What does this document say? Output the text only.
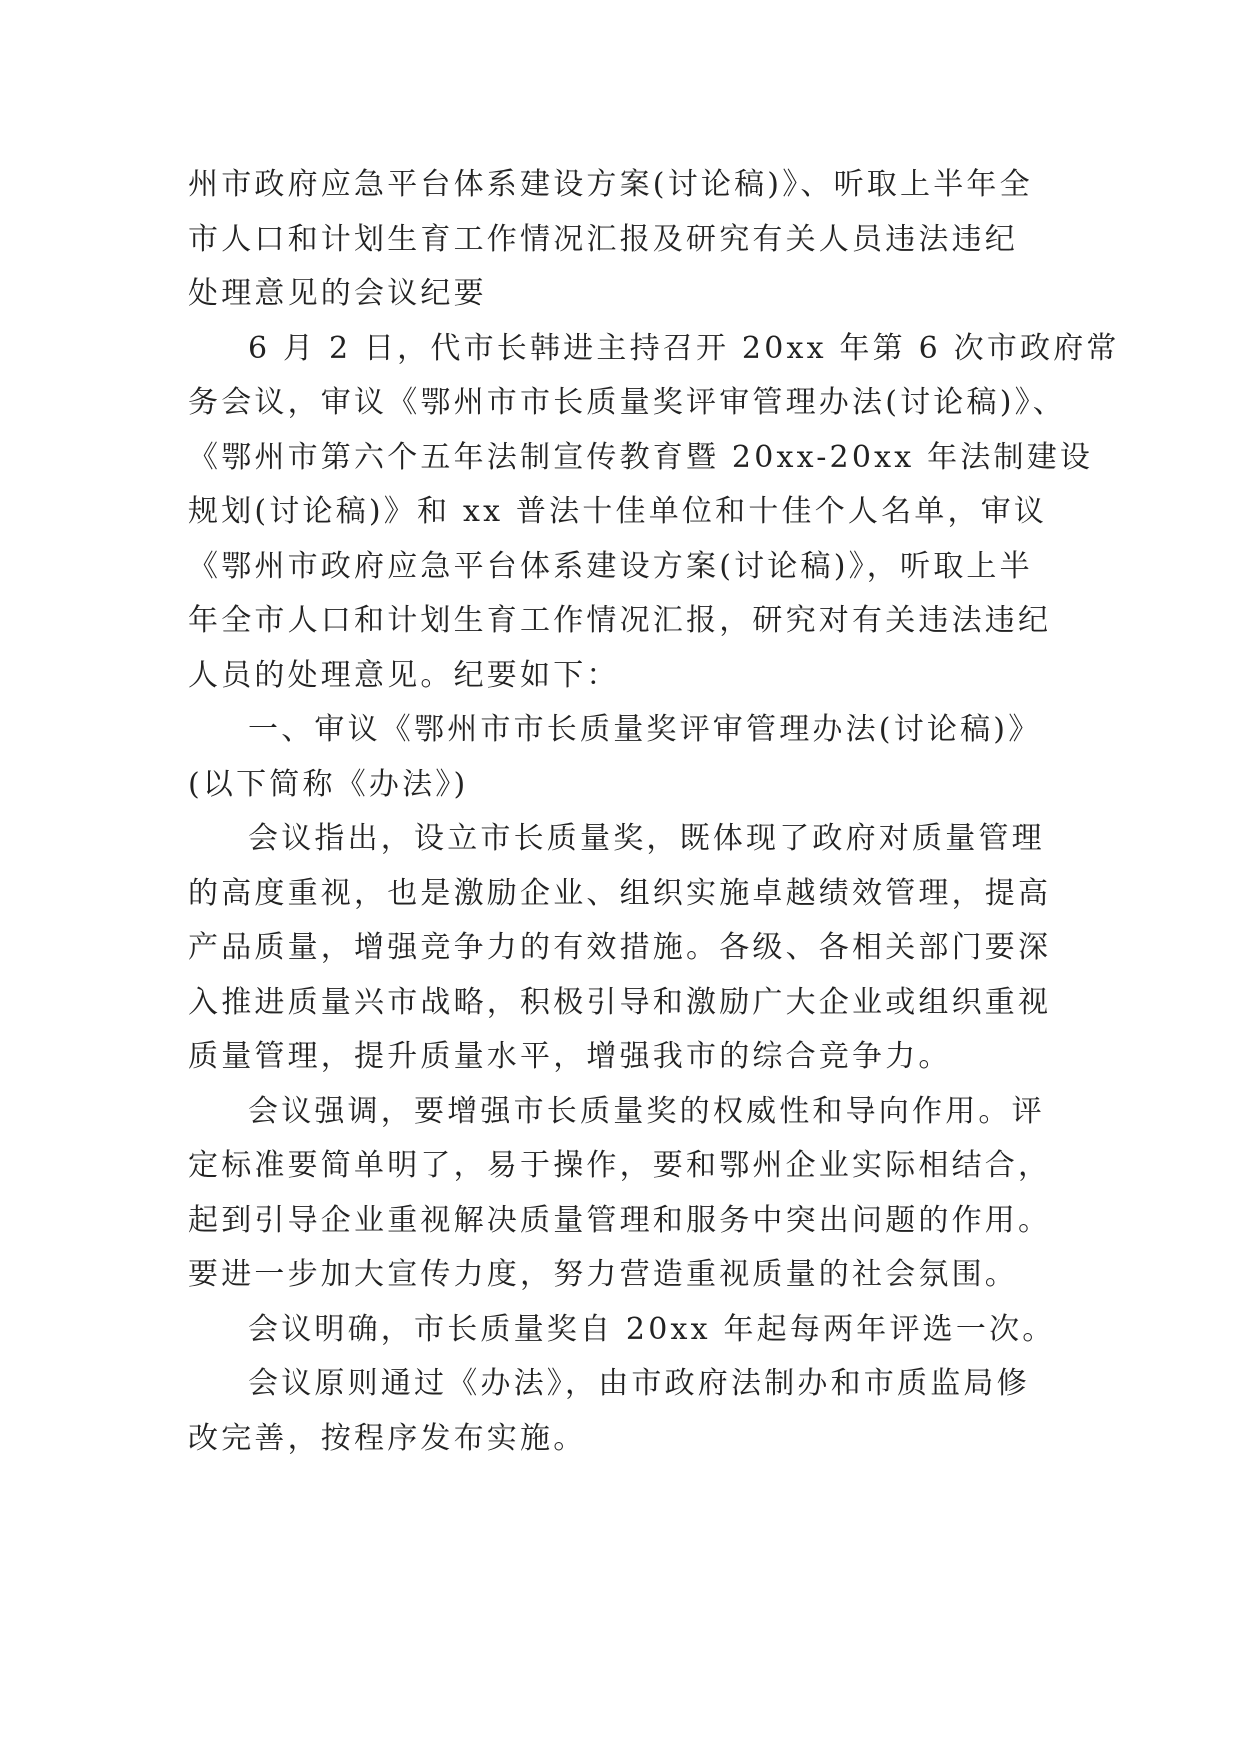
州市政府应急平台体系建设方案(讨论稿)》、听取上半年全
市人口和计划生育工作情况汇报及研究有关人员违法违纪
处理意见的会议纪要
6 月 2 日，代市长韩进主持召开 20xx 年第 6 次市政府常
务会议，审议《鄂州市市长质量奖评审管理办法(讨论稿)》、
《鄂州市第六个五年法制宣传教育暨 20xx-20xx 年法制建设
规划(讨论稿)》和 xx 普法十佳单位和十佳个人名单，审议
《鄂州市政府应急平台体系建设方案(讨论稿)》，听取上半
年全市人口和计划生育工作情况汇报，研究对有关违法违纪
人员的处理意见。纪要如下：
一、审议《鄂州市市长质量奖评审管理办法(讨论稿)》
(以下简称《办法》)
会议指出，设立市长质量奖，既体现了政府对质量管理
的高度重视，也是激励企业、组织实施卓越绩效管理，提高
产品质量，增强竞争力的有效措施。各级、各相关部门要深
入推进质量兴市战略，积极引导和激励广大企业或组织重视
质量管理，提升质量水平，增强我市的综合竞争力。
会议强调，要增强市长质量奖的权威性和导向作用。评
定标准要简单明了，易于操作，要和鄂州企业实际相结合，
起到引导企业重视解决质量管理和服务中突出问题的作用。
要进一步加大宣传力度，努力营造重视质量的社会氛围。
会议明确，市长质量奖自 20xx 年起每两年评选一次。
会议原则通过《办法》，由市政府法制办和市质监局修
改完善，按程序发布实施。
